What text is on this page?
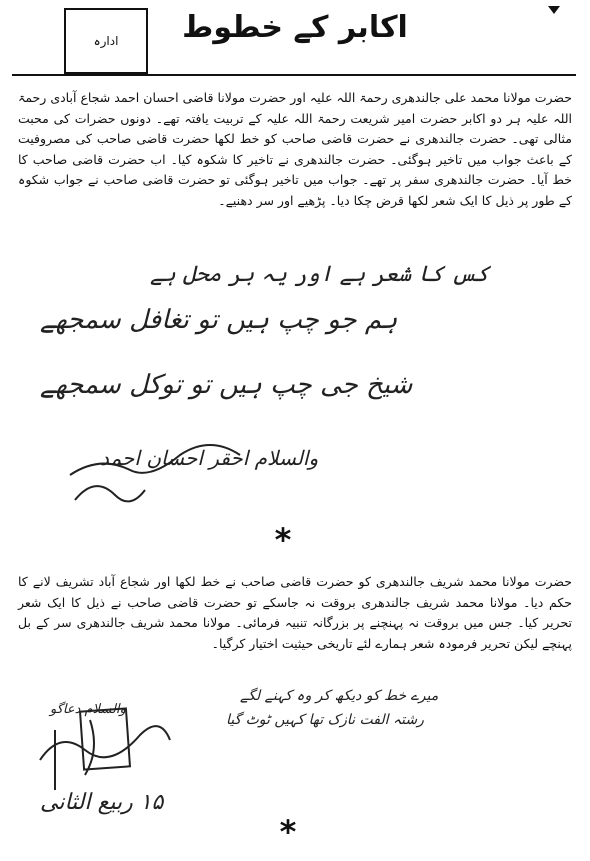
ادارہ	اکابر کے خطوط
حضرت مولانا محمد علی جالندھری رحمۃ اللہ علیہ اور حضرت مولانا قاضی احسان احمد شجاع آبادی رحمۃ اللہ علیہ ہر دو اکابر حضرت امیر شریعت رحمۃ اللہ علیہ کے تربیت یافتہ تھے۔ دونوں حضرات کی محبت مثالی تھی۔ حضرت جالندھری نے حضرت قاضی صاحب کو خط لکھا حضرت قاضی صاحب کی مصروفیت کے باعث جواب میں تاخیر ہوگئی۔ حضرت جالندھری نے تاخیر کا شکوہ کیا۔ اب حضرت قاضی صاحب کا خط آیا۔ حضرت جالندھری سفر پر تھے۔ جواب میں تاخیر ہوگئی تو حضرت قاضی صاحب نے جواب شکوہ کے طور پر ذیل کا ایک شعر لکھا قرض چکا دیا۔ پڑھیے اور سر دھنیے۔
کس کا شعر ہے اور یہ بر محل ہے
ہم جو چپ ہیں تو تغافل سمجھے
شیخ جی چپ ہیں تو توکل سمجھے
والسلام احقر احسان احمد
*
حضرت مولانا محمد شریف جالندھری کو حضرت قاضی صاحب نے خط لکھا اور شجاع آباد تشریف لانے کا حکم دیا۔ مولانا محمد شریف جالندھری بروقت نہ جاسکے تو حضرت قاضی صاحب نے ذیل کا ایک شعر تحریر کیا۔ جس میں بروقت نہ پہنچنے پر بزرگانہ تنبیہ فرمائی۔ مولانا محمد شریف جالندھری سر کے بل پہنچے لیکن تحریر فرمودہ شعر ہمارے لئے تاریخی حیثیت اختیار کرگیا۔
والسلام دعاگو
میرے خط کو دیکھ کر وہ کہنے لگے
رشتہ الفت نازک تھا کہیں ٹوٹ گیا
۱۵ ربیع الثانی
*
